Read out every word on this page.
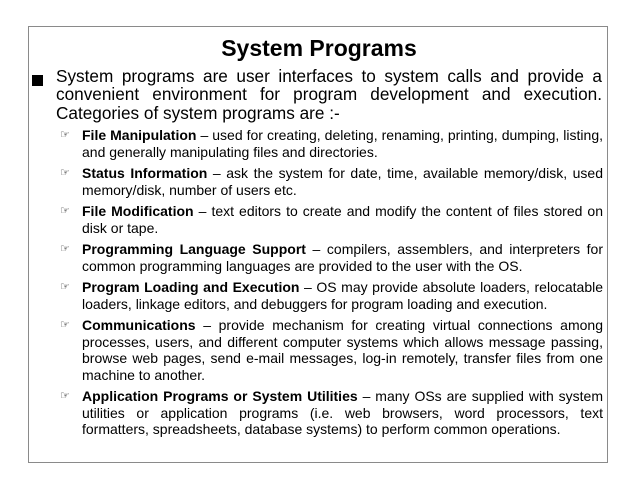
System Programs
System programs are user interfaces to system calls and provide a convenient environment for program development and execution. Categories of system programs are :-
☞ File Manipulation – used for creating, deleting, renaming, printing, dumping, listing, and generally manipulating files and directories.
☞ Status Information – ask the system for date, time, available memory/disk, used memory/disk, number of users etc.
☞ File Modification – text editors to create and modify the content of files stored on disk or tape.
☞ Programming Language Support – compilers, assemblers, and interpreters for common programming languages are provided to the user with the OS.
☞ Program Loading and Execution – OS may provide absolute loaders, relocatable loaders, linkage editors, and debuggers for program loading and execution.
☞ Communications – provide mechanism for creating virtual connections among processes, users, and different computer systems which allows message passing, browse web pages, send e-mail messages, log-in remotely, transfer files from one machine to another.
☞ Application Programs or System Utilities – many OSs are supplied with system utilities or application programs (i.e. web browsers, word processors, text formatters, spreadsheets, database systems) to perform common operations.
